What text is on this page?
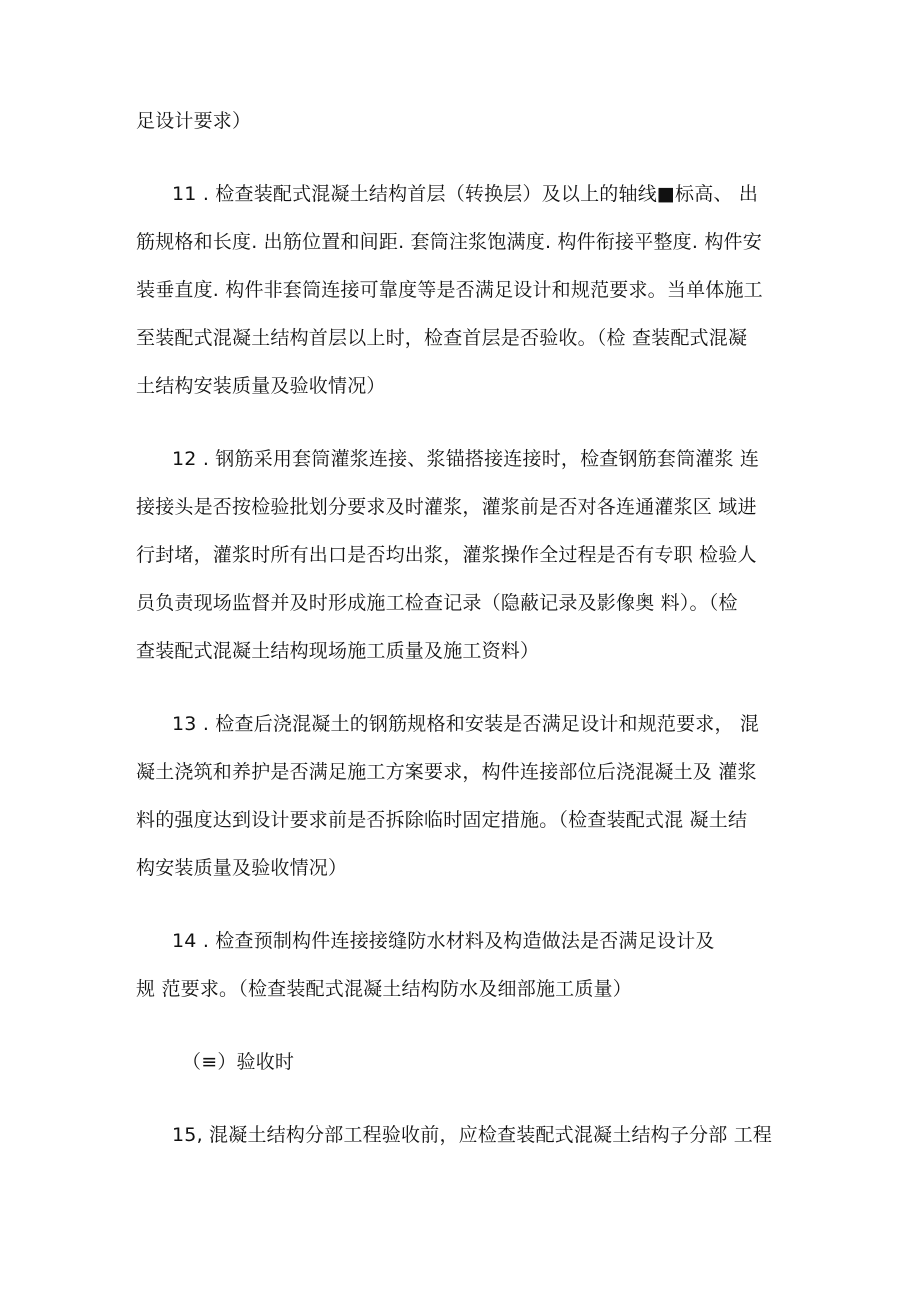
足设计要求）
11 . 检查装配式混凝土结构首层（转换层）及以上的轴线■标高、 出
筋规格和长度. 出筋位置和间距. 套筒注浆饱满度. 构件衔接平整度. 构件安
装垂直度. 构件非套筒连接可靠度等是否满足设计和规范要求。当单体施工
至装配式混凝土结构首层以上时，检查首层是否验收。（检 查装配式混凝
土结构安装质量及验收情况）
12 . 钢筋采用套筒灌浆连接、浆锚搭接连接时，检查钢筋套筒灌浆 连
接接头是否按检验批划分要求及时灌浆，灌浆前是否对各连通灌浆区 域进
行封堵，灌浆时所有出口是否均出浆，灌浆操作全过程是否有专职 检验人
员负责现场监督并及时形成施工检查记录（隐蔽记录及影像奥 料）。（检
查装配式混凝土结构现场施工质量及施工资料）
13 . 检查后浇混凝土的钢筋规格和安装是否满足设计和规范要求， 混
凝土浇筑和养护是否满足施工方案要求，构件连接部位后浇混凝土及 灌浆
料的强度达到设计要求前是否拆除临时固定措施。（检查装配式混 凝土结
构安装质量及验收情况）
14 . 检查预制构件连接接缝防水材料及构造做法是否满足设计及
规 范要求。（检查装配式混凝土结构防水及细部施工质量）
（≡）验收时
15, 混凝土结构分部工程验收前，应检查装配式混凝土结构子分部 工程
